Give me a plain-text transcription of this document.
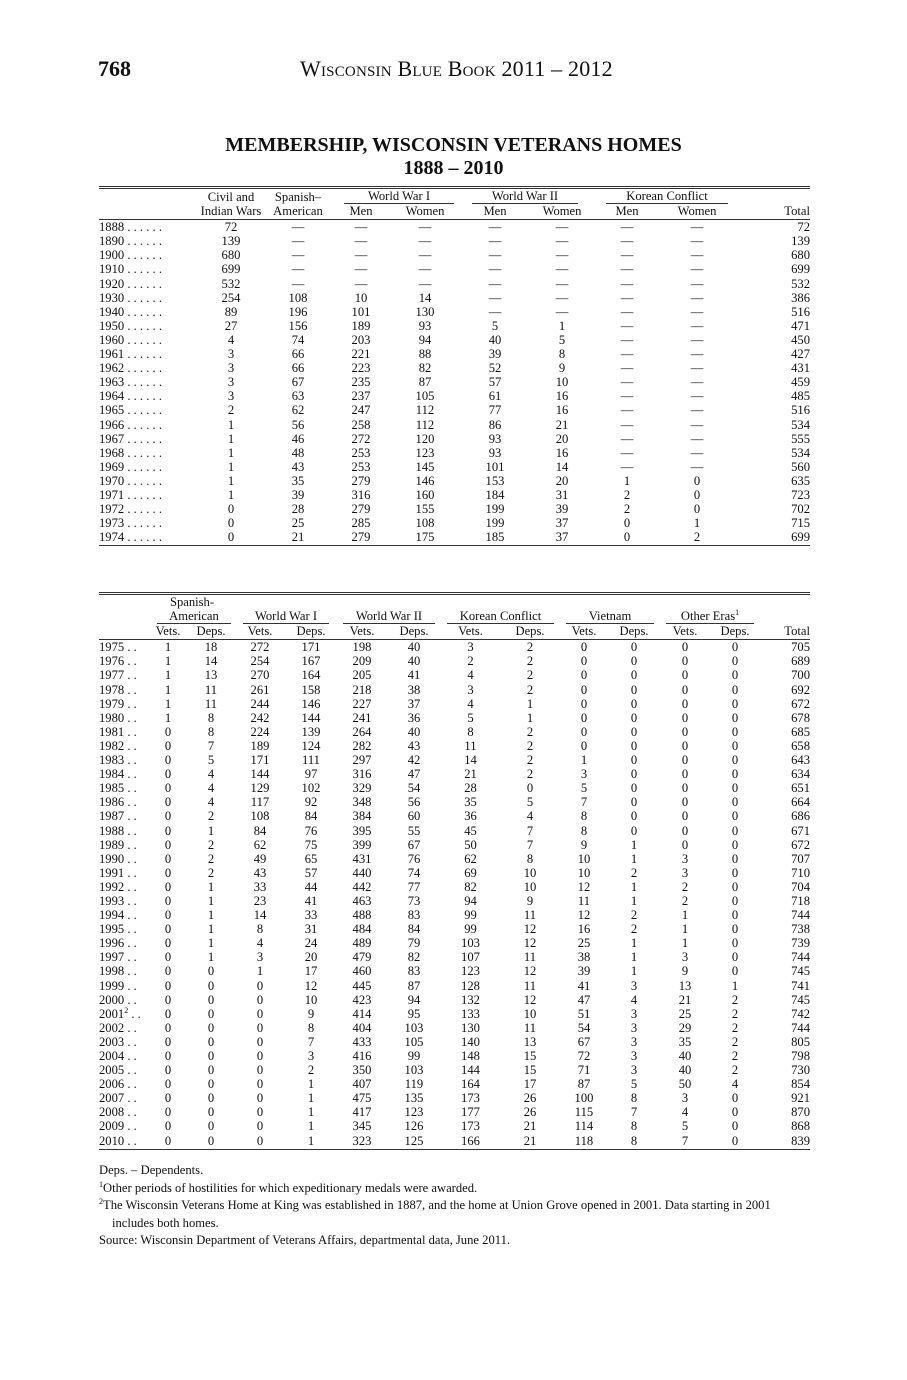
768	Wisconsin Blue Book 2011 – 2012
MEMBERSHIP, WISCONSIN VETERANS HOMES
1888 – 2010
	Civil and	Spanish–	World War I		World War II		Korean Conflict		

	Indian Wars	American	Men	Women	Men	Women	Men	Women	Total
1888 . . . . . .	72	—	—	—	—	—	—	—	72
1890 . . . . . .	139	—	—	—	—	—	—	—	139
1900 . . . . . .	680	—	—	—	—	—	—	—	680
1910 . . . . . .	699	—	—	—	—	—	—	—	699
1920 . . . . . .	532	—	—	—	—	—	—	—	532
1930 . . . . . .	254	108	10	14	—	—	—	—	386
1940 . . . . . .	89	196	101	130	—	—	—	—	516
1950 . . . . . .	27	156	189	93	5	1	—	—	471
1960 . . . . . .	4	74	203	94	40	5	—	—	450
1961 . . . . . .	3	66	221	88	39	8	—	—	427
1962 . . . . . .	3	66	223	82	52	9	—	—	431
1963 . . . . . .	3	67	235	87	57	10	—	—	459
1964 . . . . . .	3	63	237	105	61	16	—	—	485
1965 . . . . . .	2	62	247	112	77	16	—	—	516
1966 . . . . . .	1	56	258	112	86	21	—	—	534
1967 . . . . . .	1	46	272	120	93	20	—	—	555
1968 . . . . . .	1	48	253	123	93	16	—	—	534
1969 . . . . . .	1	43	253	145	101	14	—	—	560
1970 . . . . . .	1	35	279	146	153	20	1	0	635
1971 . . . . . .	1	39	316	160	184	31	2	0	723
1972 . . . . . .	0	28	279	155	199	39	2	0	702
1973 . . . . . .	0	25	285	108	199	37	0	1	715
1974 . . . . . .	0	21	279	175	185	37	0	2	699
	Spanish-												

	American		World War I		World War II		Korean Conflict		Vietnam		Other Eras$^1$

	Vets.	Deps.	Vets.	Deps.	Vets.	Deps.	Vets.	Deps.	Vets.	Deps.	Vets.	Deps.	Total
1975 . .	1	18	272	171	198	40	3	2	0	0	0	0	705
1976 . .	1	14	254	167	209	40	2	2	0	0	0	0	689
1977 . .	1	13	270	164	205	41	4	2	0	0	0	0	700
1978 . .	1	11	261	158	218	38	3	2	0	0	0	0	692
1979 . .	1	11	244	146	227	37	4	1	0	0	0	0	672
1980 . .	1	8	242	144	241	36	5	1	0	0	0	0	678
1981 . .	0	8	224	139	264	40	8	2	0	0	0	0	685
1982 . .	0	7	189	124	282	43	11	2	0	0	0	0	658
1983 . .	0	5	171	111	297	42	14	2	1	0	0	0	643
1984 . .	0	4	144	97	316	47	21	2	3	0	0	0	634
1985 . .	0	4	129	102	329	54	28	0	5	0	0	0	651
1986 . .	0	4	117	92	348	56	35	5	7	0	0	0	664
1987 . .	0	2	108	84	384	60	36	4	8	0	0	0	686
1988 . .	0	1	84	76	395	55	45	7	8	0	0	0	671
1989 . .	0	2	62	75	399	67	50	7	9	1	0	0	672
1990 . .	0	2	49	65	431	76	62	8	10	1	3	0	707
1991 . .	0	2	43	57	440	74	69	10	10	2	3	0	710
1992 . .	0	1	33	44	442	77	82	10	12	1	2	0	704
1993 . .	0	1	23	41	463	73	94	9	11	1	2	0	718
1994 . .	0	1	14	33	488	83	99	11	12	2	1	0	744
1995 . .	0	1	8	31	484	84	99	12	16	2	1	0	738
1996 . .	0	1	4	24	489	79	103	12	25	1	1	0	739
1997 . .	0	1	3	20	479	82	107	11	38	1	3	0	744
1998 . .	0	0	1	17	460	83	123	12	39	1	9	0	745
1999 . .	0	0	0	12	445	87	128	11	41	3	13	1	741
2000 . .	0	0	0	10	423	94	132	12	47	4	21	2	745
2001$^2$ . .	0	0	0	9	414	95	133	10	51	3	25	2	742
2002 . .	0	0	0	8	404	103	130	11	54	3	29	2	744
2003 . .	0	0	0	7	433	105	140	13	67	3	35	2	805
2004 . .	0	0	0	3	416	99	148	15	72	3	40	2	798
2005 . .	0	0	0	2	350	103	144	15	71	3	40	2	730
2006 . .	0	0	0	1	407	119	164	17	87	5	50	4	854
2007 . .	0	0	0	1	475	135	173	26	100	8	3	0	921
2008 . .	0	0	0	1	417	123	177	26	115	7	4	0	870
2009 . .	0	0	0	1	345	126	173	21	114	8	5	0	868
2010 . .	0	0	0	1	323	125	166	21	118	8	7	0	839

Deps. – Dependents.

$^1$Other periods of hostilities for which expeditionary medals were awarded.

$^2$The Wisconsin Veterans Home at King was established in 1887, and the home at Union Grove opened in 2001. Data starting in 2001 includes both homes.

Source: Wisconsin Department of Veterans Affairs, departmental data, June 2011.
